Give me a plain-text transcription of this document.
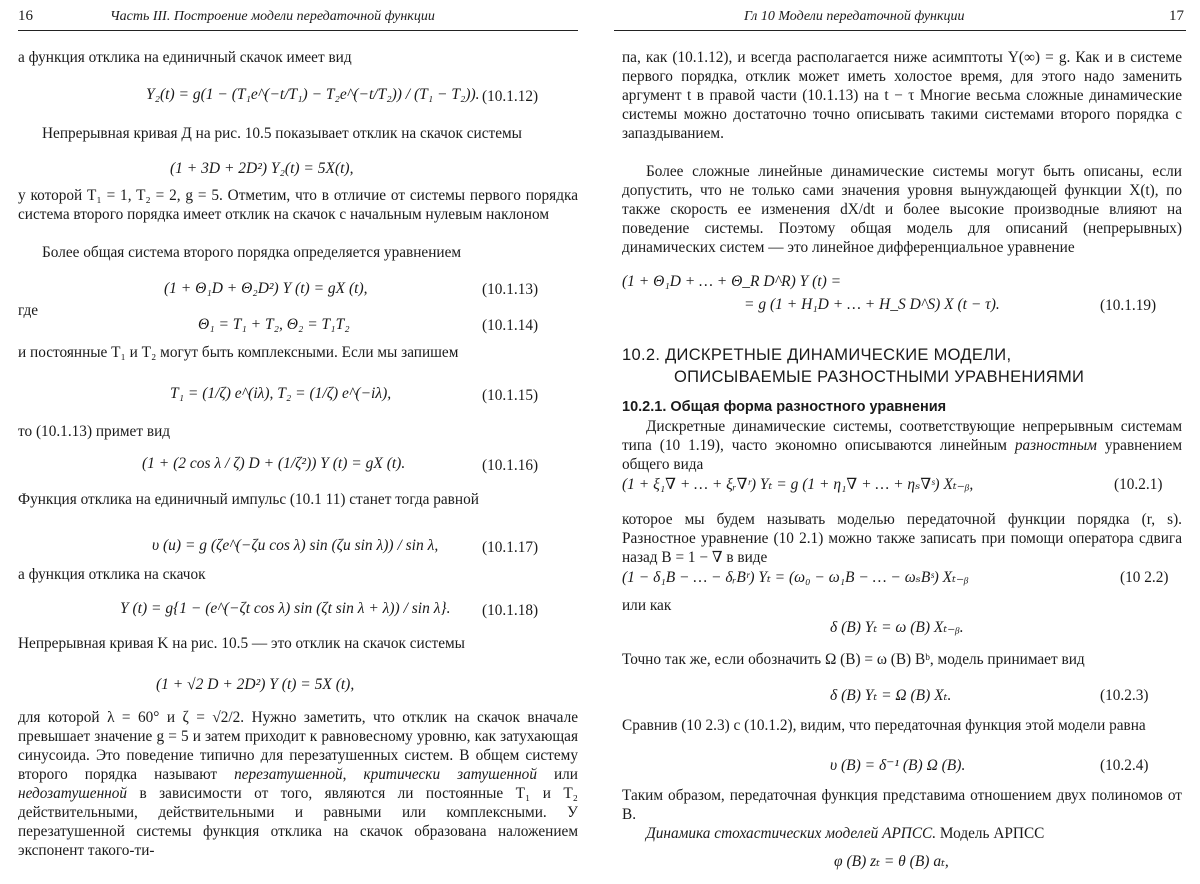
16	Часть III. Построение модели передаточной функции
а функция отклика на единичный скачок имеет вид
Y₂(t) = g(1 − (T₁e^(−t/T₁) − T₂e^(−t/T₂)) / (T₁ − T₂)). (10.1.12)
Непрерывная кривая Д на рис. 10.5 показывает отклик на скачок системы
(1 + 3D + 2D²) Y₂(t) = 5X(t),
у которой T₁ = 1, T₂ = 2, g = 5. Отметим, что в отличие от системы первого порядка система второго порядка имеет отклик на скачок с начальным нулевым наклоном
Более общая система второго порядка определяется уравнением
(1 + Θ₁D + Θ₂D²) Y (t) = gX (t),	(10.1.13)
где
Θ₁ = T₁ + T₂, Θ₂ = T₁T₂	(10.1.14)
и постоянные T₁ и T₂ могут быть комплексными. Если мы запишем
T₁ = (1/ζ) e^(iλ), T₂ = (1/ζ) e^(−iλ),	(10.1.15)
то (10.1.13) примет вид
(1 + (2 cos λ / ζ) D + (1/ζ²)) Y (t) = gX (t).	(10.1.16)
Функция отклика на единичный импульс (10.1 11) станет тогда равной
υ (u) = g (ζe^(−ζu cos λ) sin (ζu sin λ)) / sin λ,	(10.1.17)
а функция отклика на скачок
Y (t) = g{1 − (e^(−ζt cos λ) sin (ζt sin λ + λ)) / sin λ}. (10.1.18)
Непрерывная кривая K на рис. 10.5 — это отклик на скачок системы
(1 + √2 D + 2D²) Y (t) = 5X (t),
для которой λ = 60° и ζ = √2/2. Нужно заметить, что отклик на скачок вначале превышает значение g = 5 и затем приходит к равновесному уровню, как затухающая синусоида. Это поведение типично для перезатушенных систем. В общем систему второго порядка называют перезатушенной, критически затушенной или недозатушенной в зависимости от того, являются ли постоянные T₁ и T₂ действительными, действительными и равными или комплексными. У перезатушенной системы функция отклика на скачок образована наложением экспонент такого-ти-
Гл 10 Модели передаточной функции	17
па, как (10.1.12), и всегда располагается ниже асимптоты Y(∞) = g. Как и в системе первого порядка, отклик может иметь холостое время, для этого надо заменить аргумент t в правой части (10.1.13) на t − τ Многие весьма сложные динамические системы можно достаточно точно описывать такими системами второго порядка с запаздыванием.
Более сложные линейные динамические системы могут быть описаны, если допустить, что не только сами значения уровня вынуждающей функции X(t), по также скорость ее изменения dX/dt и более высокие производные влияют на поведение системы. Поэтому общая модель для описаний (непрерывных) динамических систем — это линейное дифференциальное уравнение
(1 + Θ₁D + … + Θ_R D^R) Y (t) =
= g (1 + H₁D + … + H_S D^S) X (t − τ).	(10.1.19)
10.2. ДИСКРЕТНЫЕ ДИНАМИЧЕСКИЕ МОДЕЛИ,
ОПИСЫВАЕМЫЕ РАЗНОСТНЫМИ УРАВНЕНИЯМИ
10.2.1. Общая форма разностного уравнения
Дискретные динамические системы, соответствующие непрерывным системам типа (10 1.19), часто экономно описываются линейным разностным уравнением общего вида
(1 + ξ₁∇ + … + ξᵣ∇ʳ) Yₜ = g (1 + η₁∇ + … + ηₛ∇ˢ) Xₜ₋ᵦ,	(10.2.1)
которое мы будем называть моделью передаточной функции порядка (r, s). Разностное уравнение (10 2.1) можно также записать при помощи оператора сдвига назад B = 1 − ∇ в виде
(1 − δ₁B − … − δᵣBʳ) Yₜ = (ω₀ − ω₁B − … − ωₛBˢ) Xₜ₋ᵦ	(10 2.2)
или как
δ (B) Yₜ = ω (B) Xₜ₋ᵦ.
Точно так же, если обозначить Ω (B) = ω (B) Bᵇ, модель принимает вид
δ (B) Yₜ = Ω (B) Xₜ.	(10.2.3)
Сравнив (10 2.3) с (10.1.2), видим, что передаточная функция этой модели равна
υ (B) = δ⁻¹ (B) Ω (B).	(10.2.4)
Таким образом, передаточная функция представима отношением двух полиномов от B.
Динамика стохастических моделей АРПСС. Модель АРПСС
φ (B) zₜ = θ (B) aₜ,
